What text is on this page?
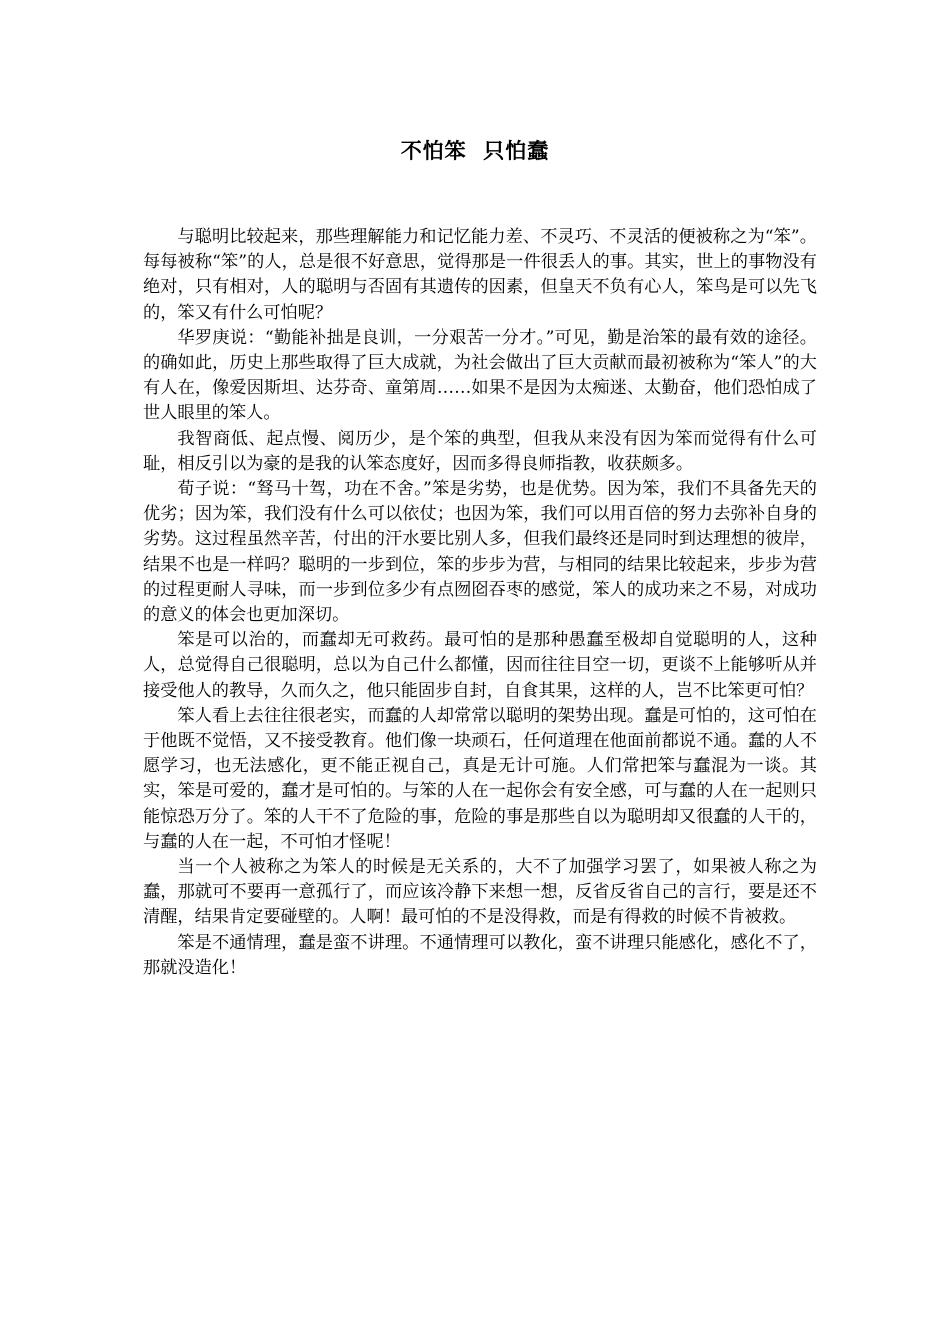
不怕笨  只怕蠢

与聪明比较起来，那些理解能力和记忆能力差、不灵巧、不灵活的便被称之为“笨”。每每被称“笨”的人，总是很不好意思，觉得那是一件很丢人的事。其实，世上的事物没有绝对，只有相对，人的聪明与否固有其遗传的因素，但皇天不负有心人，笨鸟是可以先飞的，笨又有什么可怕呢？

华罗庚说：“勤能补拙是良训，一分艰苦一分才。”可见，勤是治笨的最有效的途径。的确如此，历史上那些取得了巨大成就，为社会做出了巨大贡献而最初被称为“笨人”的大有人在，像爱因斯坦、达芬奇、童第周……如果不是因为太痴迷、太勤奋，他们恐怕成了世人眼里的笨人。

我智商低、起点慢、阅历少，是个笨的典型，但我从来没有因为笨而觉得有什么可耻，相反引以为豪的是我的认笨态度好，因而多得良师指教，收获颇多。

荀子说：“驽马十驾，功在不舍。”笨是劣势，也是优势。因为笨，我们不具备先天的优劣；因为笨，我们没有什么可以依仗；也因为笨，我们可以用百倍的努力去弥补自身的劣势。这过程虽然辛苦，付出的汗水要比别人多，但我们最终还是同时到达理想的彼岸，结果不也是一样吗？聪明的一步到位，笨的步步为营，与相同的结果比较起来，步步为营的过程更耐人寻味，而一步到位多少有点囫囵吞枣的感觉，笨人的成功来之不易，对成功的意义的体会也更加深切。

笨是可以治的，而蠢却无可救药。最可怕的是那种愚蠢至极却自觉聪明的人，这种人，总觉得自己很聪明，总以为自己什么都懂，因而往往目空一切，更谈不上能够听从并接受他人的教导，久而久之，他只能固步自封，自食其果，这样的人，岂不比笨更可怕？

笨人看上去往往很老实，而蠢的人却常常以聪明的架势出现。蠢是可怕的，这可怕在于他既不觉悟，又不接受教育。他们像一块顽石，任何道理在他面前都说不通。蠢的人不愿学习，也无法感化，更不能正视自己，真是无计可施。人们常把笨与蠢混为一谈。其实，笨是可爱的，蠢才是可怕的。与笨的人在一起你会有安全感，可与蠢的人在一起则只能惊恐万分了。笨的人干不了危险的事，危险的事是那些自以为聪明却又很蠢的人干的，与蠢的人在一起，不可怕才怪呢！

当一个人被称之为笨人的时候是无关系的，大不了加强学习罢了，如果被人称之为蠢，那就可不要再一意孤行了，而应该冷静下来想一想，反省反省自己的言行，要是还不清醒，结果肯定要碰壁的。人啊！最可怕的不是没得救，而是有得救的时候不肯被救。

笨是不通情理，蠢是蛮不讲理。不通情理可以教化，蛮不讲理只能感化，感化不了，那就没造化！
